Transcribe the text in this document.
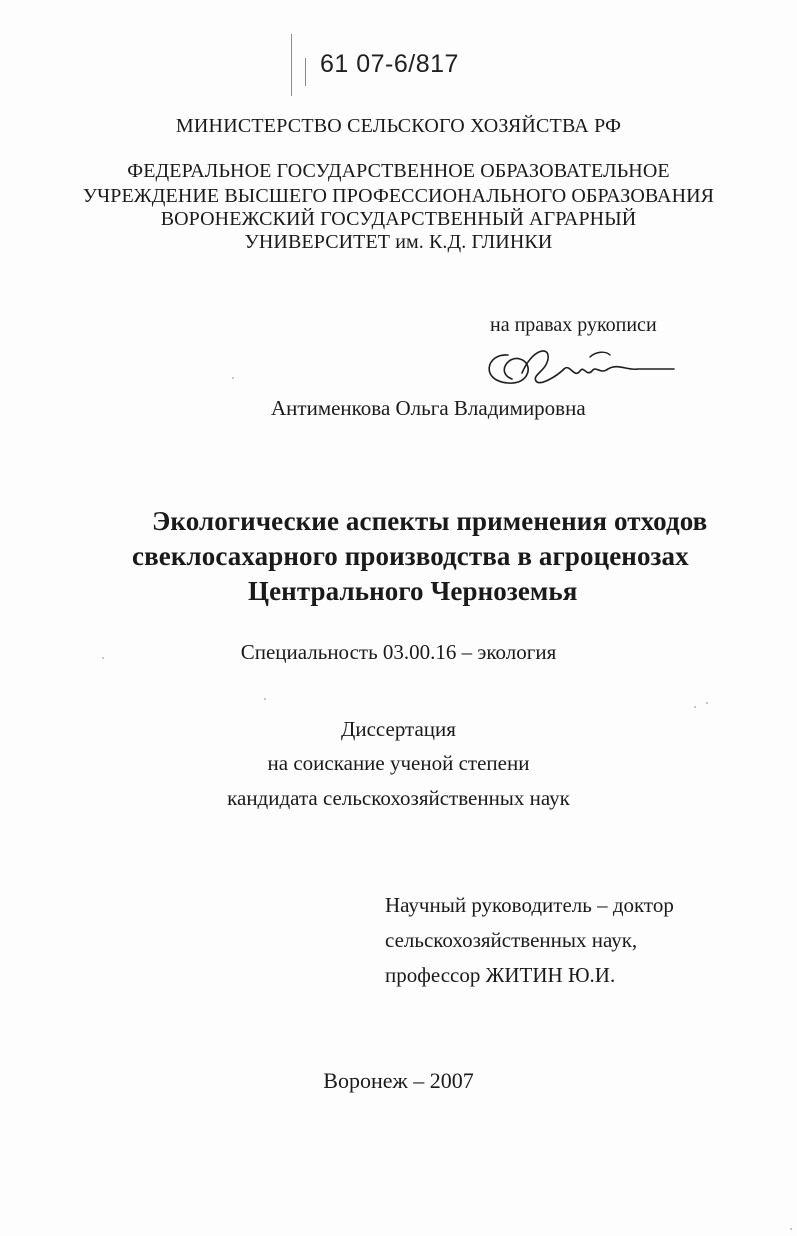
61 07-6/817
МИНИСТЕРСТВО СЕЛЬСКОГО ХОЗЯЙСТВА РФ
ФЕДЕРАЛЬНОЕ ГОСУДАРСТВЕННОЕ ОБРАЗОВАТЕЛЬНОЕ
УЧРЕЖДЕНИЕ ВЫСШЕГО ПРОФЕССИОНАЛЬНОГО ОБРАЗОВАНИЯ
ВОРОНЕЖСКИЙ ГОСУДАРСТВЕННЫЙ АГРАРНЫЙ
УНИВЕРСИТЕТ им. К.Д. ГЛИНКИ
на правах рукописи
Антименкова Ольга Владимировна
Экологические аспекты применения отходов
свеклосахарного производства в агроценозах
Центрального Черноземья
Специальность 03.00.16 – экология
Диссертация
на соискание ученой степени
кандидата сельскохозяйственных наук
Научный руководитель – доктор
сельскохозяйственных наук,
профессор ЖИТИН Ю.И.
Воронеж – 2007
